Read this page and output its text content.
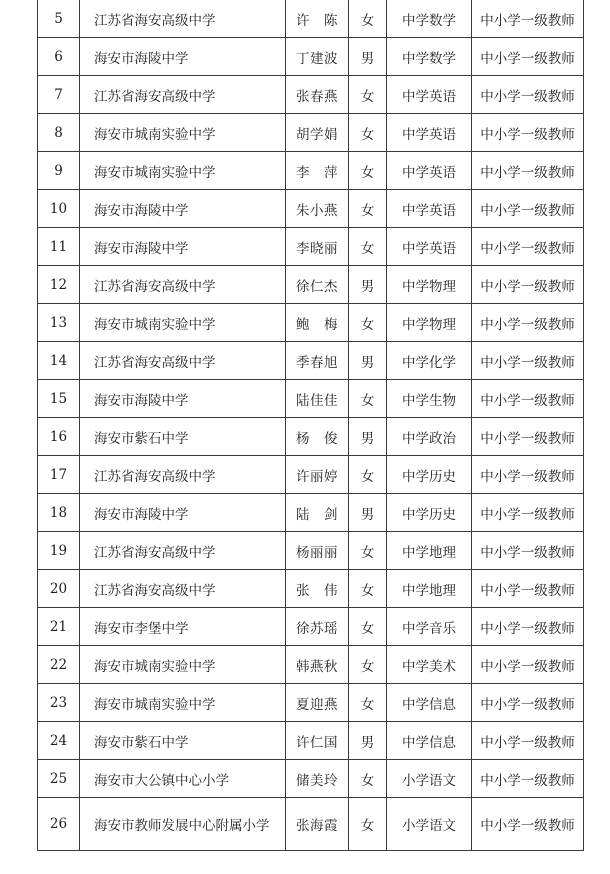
5	江苏省海安高级中学	许　陈	女	中学数学	中小学一级教师
6	海安市海陵中学	丁建波	男	中学数学	中小学一级教师
7	江苏省海安高级中学	张春燕	女	中学英语	中小学一级教师
8	海安市城南实验中学	胡学娟	女	中学英语	中小学一级教师
9	海安市城南实验中学	李　萍	女	中学英语	中小学一级教师
10	海安市海陵中学	朱小燕	女	中学英语	中小学一级教师
11	海安市海陵中学	李晓丽	女	中学英语	中小学一级教师
12	江苏省海安高级中学	徐仁杰	男	中学物理	中小学一级教师
13	海安市城南实验中学	鲍　梅	女	中学物理	中小学一级教师
14	江苏省海安高级中学	季春旭	男	中学化学	中小学一级教师
15	海安市海陵中学	陆佳佳	女	中学生物	中小学一级教师
16	海安市紫石中学	杨　俊	男	中学政治	中小学一级教师
17	江苏省海安高级中学	许丽婷	女	中学历史	中小学一级教师
18	海安市海陵中学	陆　剑	男	中学历史	中小学一级教师
19	江苏省海安高级中学	杨丽丽	女	中学地理	中小学一级教师
20	江苏省海安高级中学	张　伟	女	中学地理	中小学一级教师
21	海安市李堡中学	徐苏瑶	女	中学音乐	中小学一级教师
22	海安市城南实验中学	韩燕秋	女	中学美术	中小学一级教师
23	海安市城南实验中学	夏迎燕	女	中学信息	中小学一级教师
24	海安市紫石中学	许仁国	男	中学信息	中小学一级教师
25	海安市大公镇中心小学	储美玲	女	小学语文	中小学一级教师
26	海安市教师发展中心附属小学	张海霞	女	小学语文	中小学一级教师
